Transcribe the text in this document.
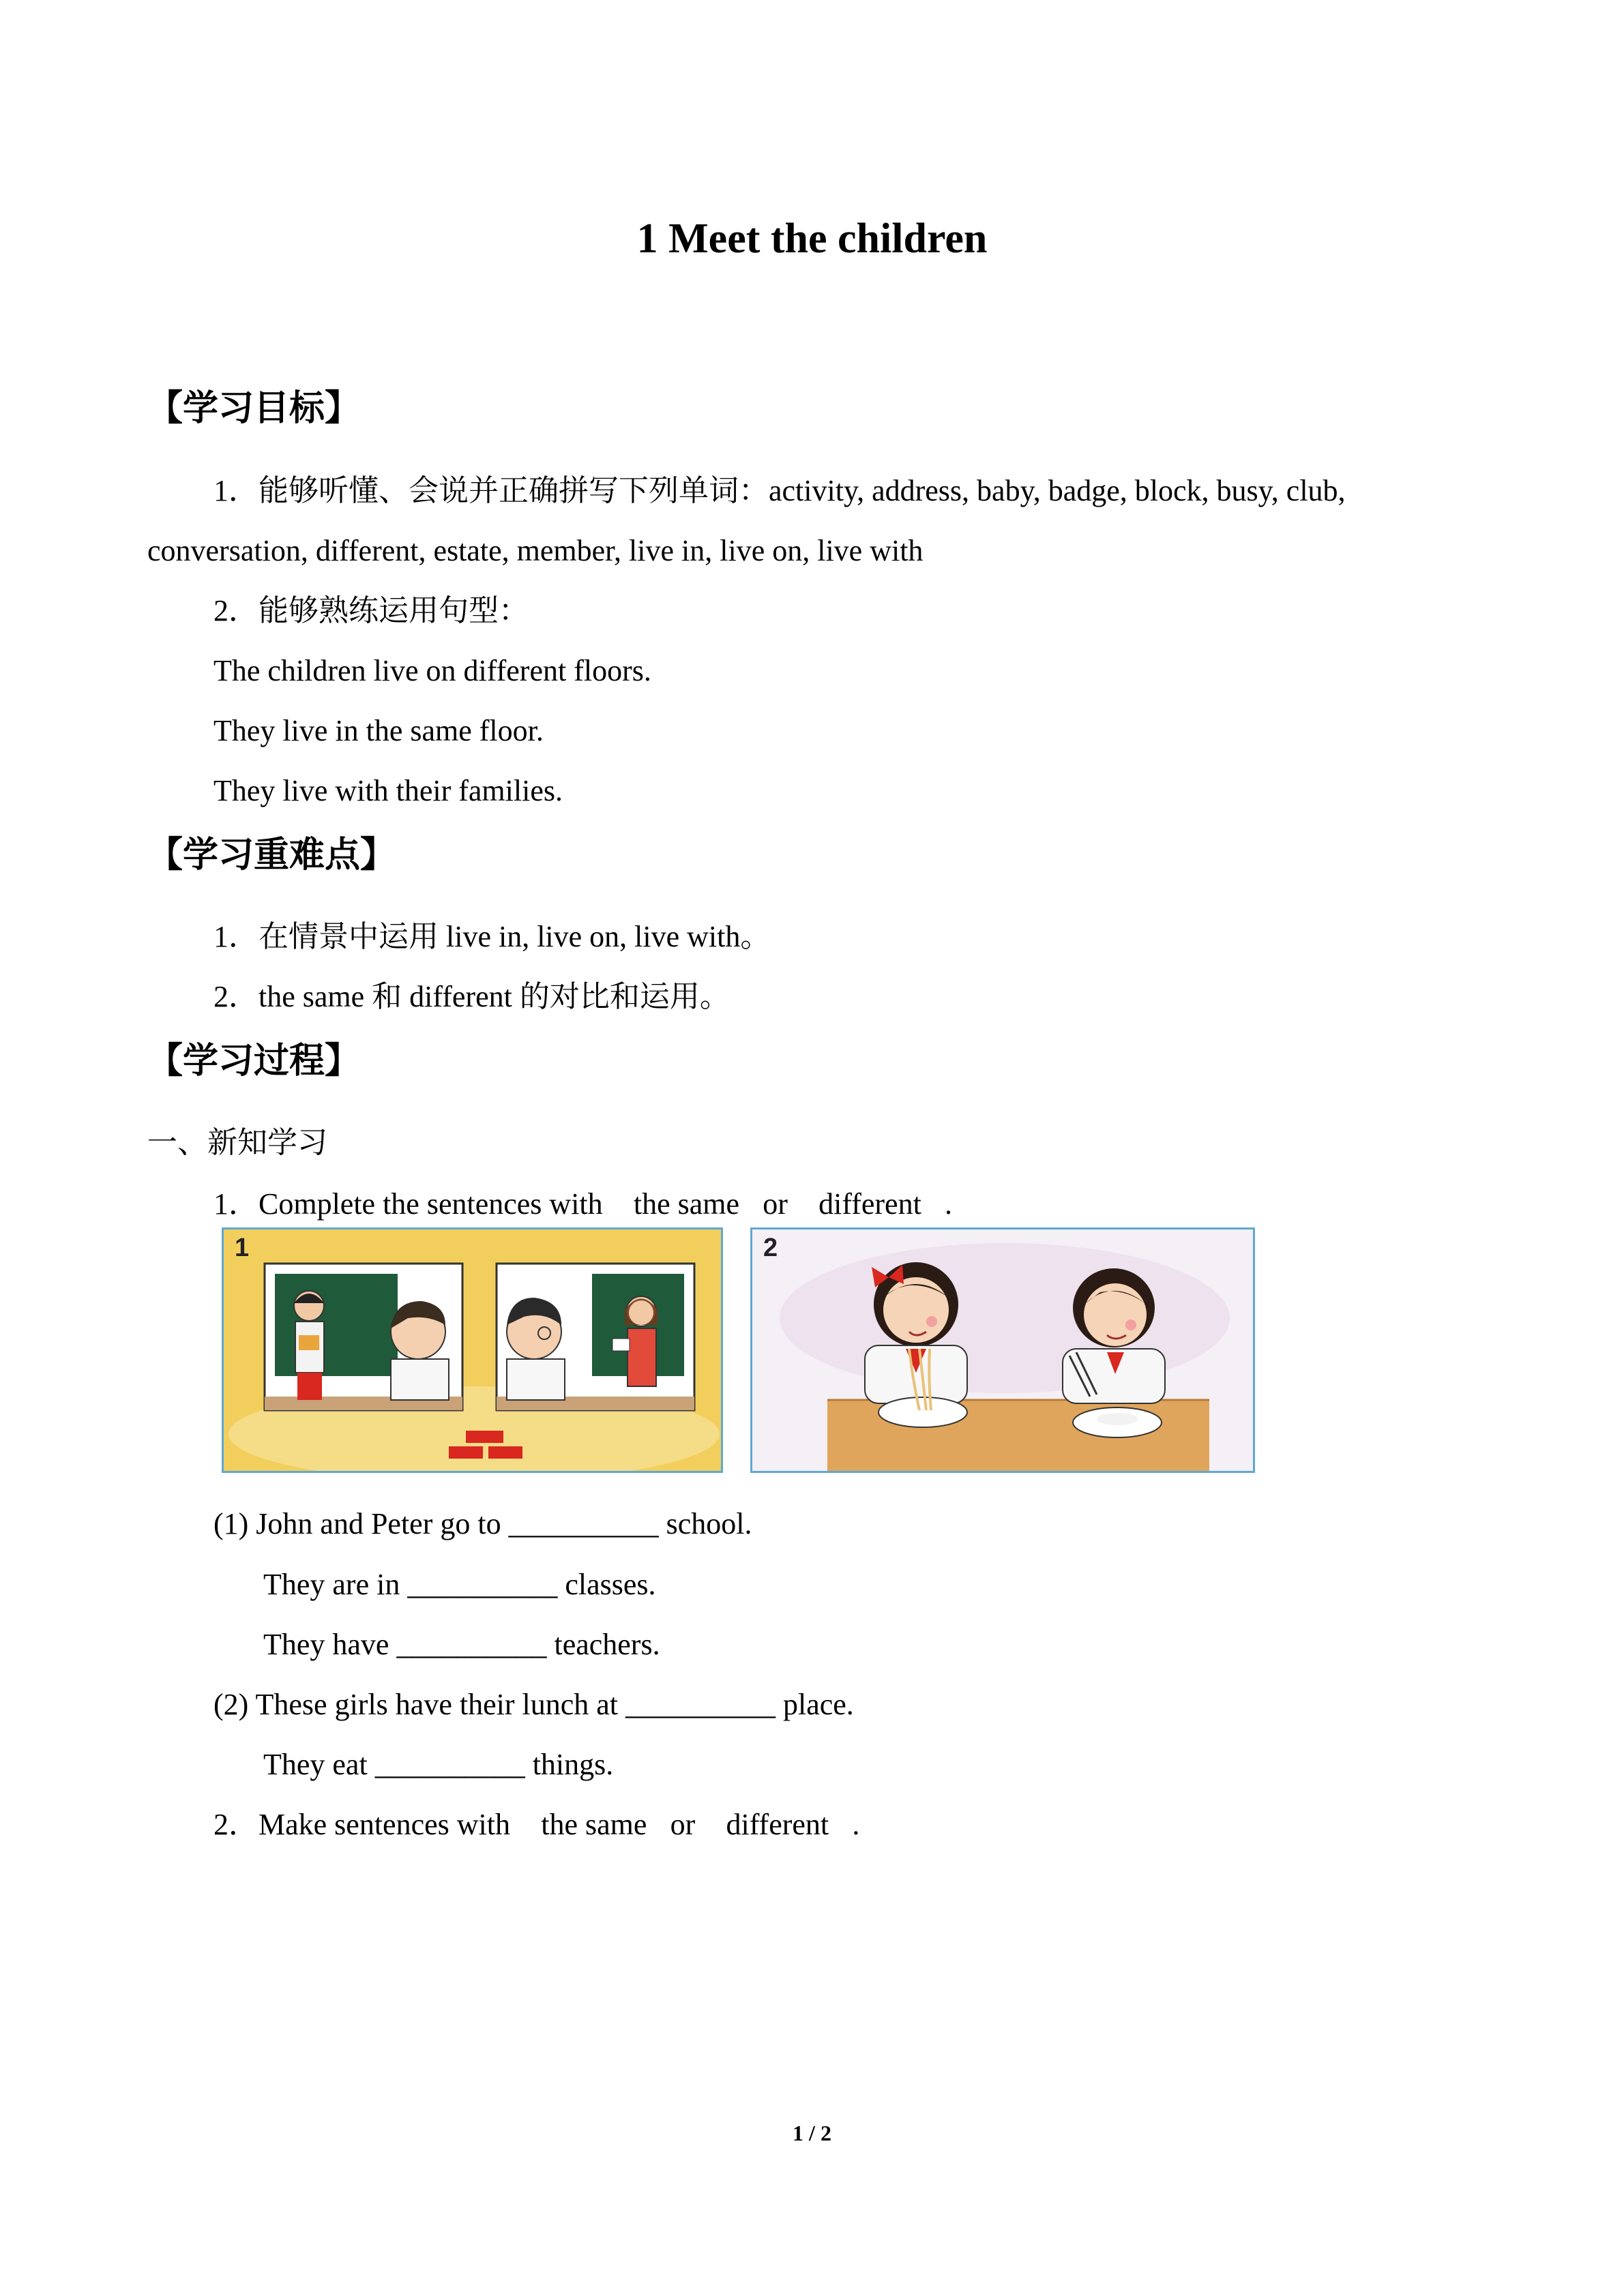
1 Meet the children
【学习目标】
1．能够听懂、会说并正确拼写下列单词：activity, address, baby, badge, block, busy, club,
conversation, different, estate, member, live in, live on, live with
2．能够熟练运用句型：
The children live on different floors.
They live in the same floor.
They live with their families.
【学习重难点】
1．在情景中运用 live in, live on, live with。
2．the same 和 different 的对比和运用。
【学习过程】
一、新知学习
1．Complete the sentences with  the same or  different .
1	2
(1) John and Peter go to __________ school.
They are in __________ classes.
They have __________ teachers.
(2) These girls have their lunch at __________ place.
They eat __________ things.
2．Make sentences with  the same or  different .
1 / 2
